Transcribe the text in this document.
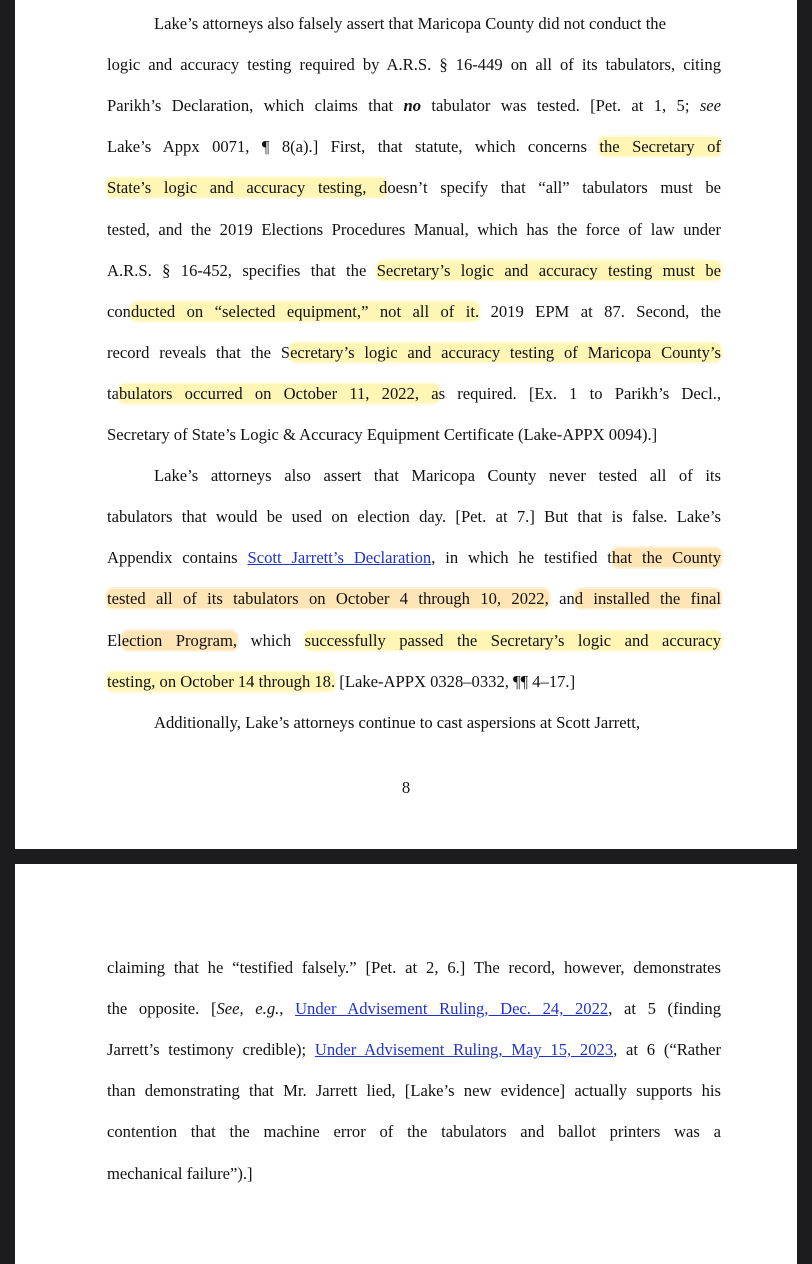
Lake’s attorneys also falsely assert that Maricopa County did not conduct the
logic and accuracy testing required by A.R.S. § 16-449 on all of its tabulators, citing
Parikh’s Declaration, which claims that no tabulator was tested. [Pet. at 1, 5; see
Lake’s Appx 0071, ¶ 8(a).] First, that statute, which concerns the Secretary of
State’s logic and accuracy testing, doesn’t specify that “all” tabulators must be
tested, and the 2019 Elections Procedures Manual, which has the force of law under
A.R.S. § 16-452, specifies that the Secretary’s logic and accuracy testing must be
conducted on “selected equipment,” not all of it. 2019 EPM at 87. Second, the
record reveals that the Secretary’s logic and accuracy testing of Maricopa County’s
tabulators occurred on October 11, 2022, as required. [Ex. 1 to Parikh’s Decl.,
Secretary of State’s Logic & Accuracy Equipment Certificate (Lake-APPX 0094).]
Lake’s attorneys also assert that Maricopa County never tested all of its
tabulators that would be used on election day. [Pet. at 7.] But that is false. Lake’s
Appendix contains Scott Jarrett’s Declaration, in which he testified that the County
tested all of its tabulators on October 4 through 10, 2022, and installed the final
Election Program, which successfully passed the Secretary’s logic and accuracy
testing, on October 14 through 18. [Lake-APPX 0328–0332, ¶¶ 4–17.]
Additionally, Lake’s attorneys continue to cast aspersions at Scott Jarrett,
8
claiming that he “testified falsely.” [Pet. at 2, 6.] The record, however, demonstrates
the opposite. [See, e.g., Under Advisement Ruling, Dec. 24, 2022, at 5 (finding
Jarrett’s testimony credible); Under Advisement Ruling, May 15, 2023, at 6 (“Rather
than demonstrating that Mr. Jarrett lied, [Lake’s new evidence] actually supports his
contention that the machine error of the tabulators and ballot printers was a
mechanical failure”).]
